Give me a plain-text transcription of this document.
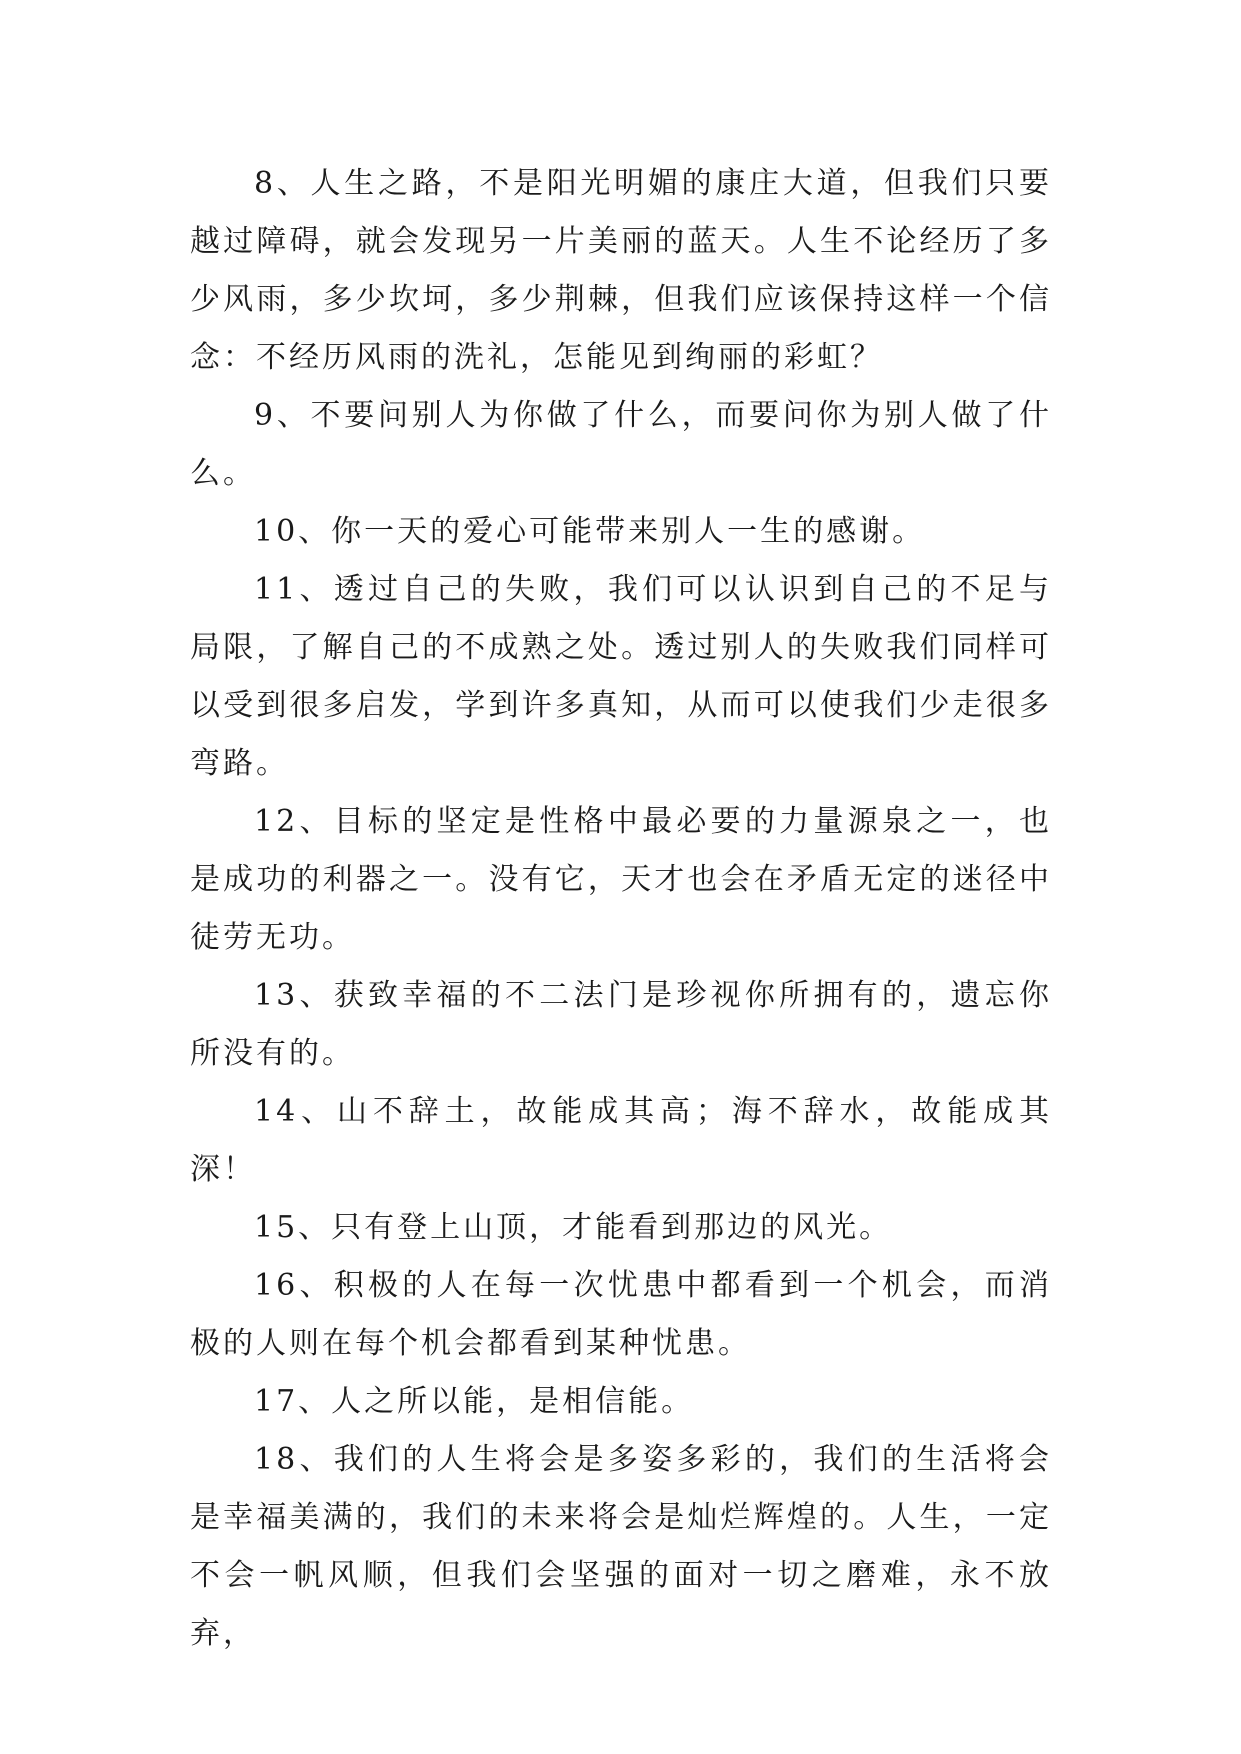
8、人生之路，不是阳光明媚的康庄大道，但我们只要越过障碍，就会发现另一片美丽的蓝天。人生不论经历了多少风雨，多少坎坷，多少荆棘，但我们应该保持这样一个信念：不经历风雨的洗礼，怎能见到绚丽的彩虹？

9、不要问别人为你做了什么，而要问你为别人做了什么。

10、你一天的爱心可能带来别人一生的感谢。

11、透过自己的失败，我们可以认识到自己的不足与局限，了解自己的不成熟之处。透过别人的失败我们同样可以受到很多启发，学到许多真知，从而可以使我们少走很多弯路。

12、目标的坚定是性格中最必要的力量源泉之一，也是成功的利器之一。没有它，天才也会在矛盾无定的迷径中徒劳无功。

13、获致幸福的不二法门是珍视你所拥有的，遗忘你所没有的。

14、山不辞土，故能成其高；海不辞水，故能成其深！

15、只有登上山顶，才能看到那边的风光。

16、积极的人在每一次忧患中都看到一个机会，而消极的人则在每个机会都看到某种忧患。

17、人之所以能，是相信能。

18、我们的人生将会是多姿多彩的，我们的生活将会是幸福美满的，我们的未来将会是灿烂辉煌的。人生，一定不会一帆风顺，但我们会坚强的面对一切之磨难，永不放弃，
